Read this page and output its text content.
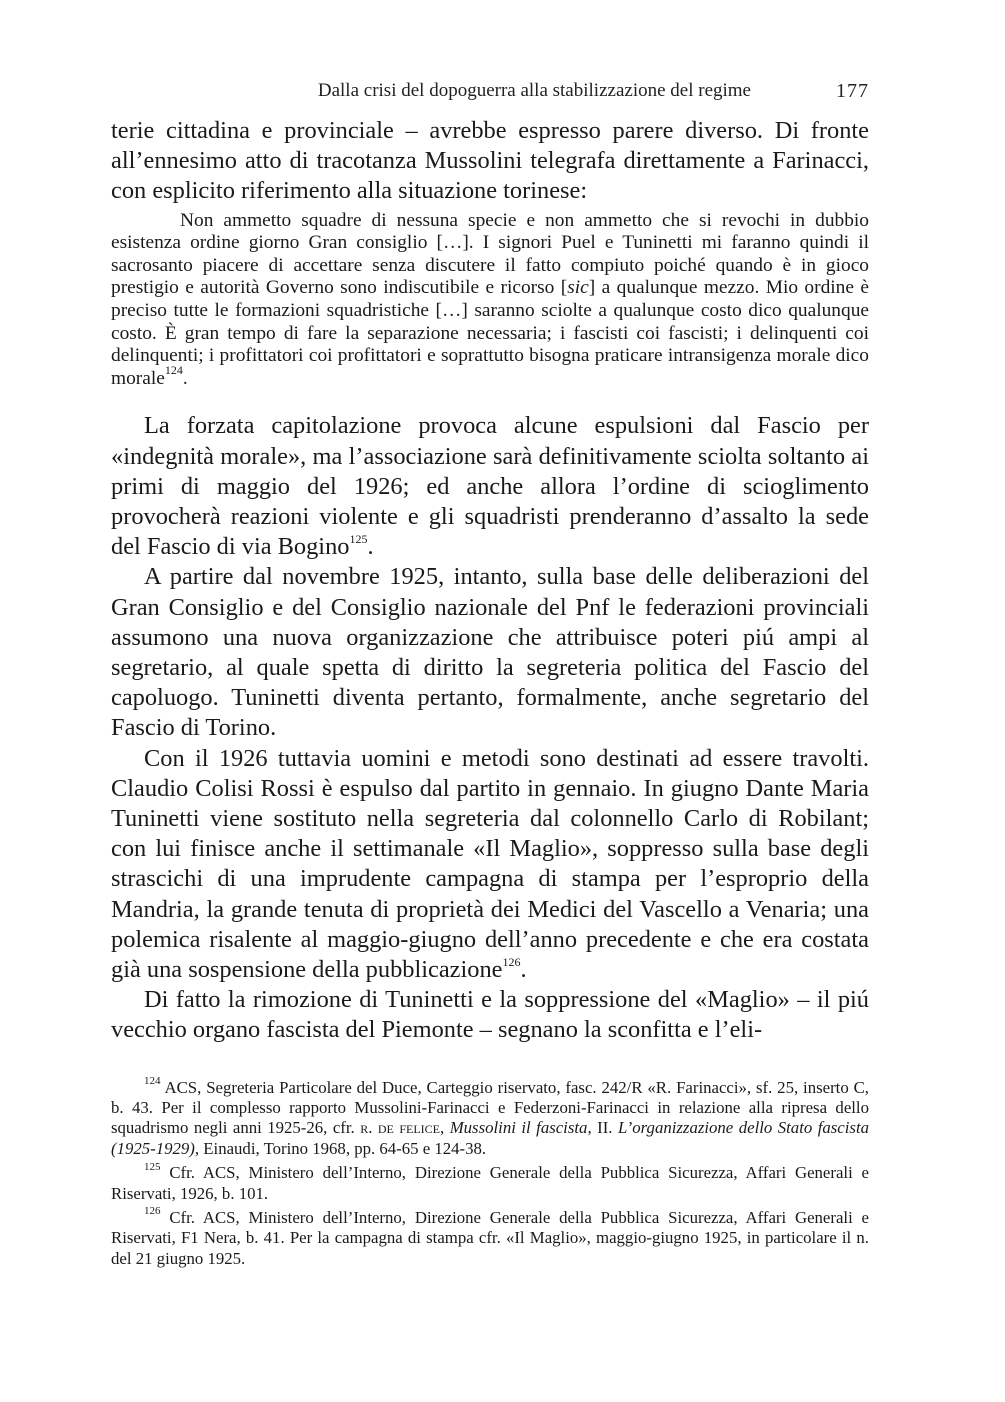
Dalla crisi del dopoguerra alla stabilizzazione del regime	177

terie cittadina e provinciale – avrebbe espresso parere diverso. Di fronte all’ennesimo atto di tracotanza Mussolini telegrafa direttamente a Farinacci, con esplicito riferimento alla situazione torinese:

Non ammetto squadre di nessuna specie e non ammetto che si revochi in dubbio esistenza ordine giorno Gran consiglio […]. I signori Puel e Tuninetti mi faranno quindi il sacrosanto piacere di accettare senza discutere il fatto compiuto poiché quando è in gioco prestigio e autorità Governo sono indiscutibile e ricorso [sic] a qualunque mezzo. Mio ordine è preciso tutte le formazioni squadristiche […] saranno sciolte a qualunque costo dico qualunque costo. È gran tempo di fare la separazione necessaria; i fascisti coi fascisti; i delinquenti coi delinquenti; i profittatori coi profittatori e soprattutto bisogna praticare intransigenza morale dico morale$^{124}$.

La forzata capitolazione provoca alcune espulsioni dal Fascio per «indegnità morale», ma l’associazione sarà definitivamente sciolta soltanto ai primi di maggio del 1926; ed anche allora l’ordine di scioglimento provocherà reazioni violente e gli squadristi prenderanno d’assalto la sede del Fascio di via Bogino$^{125}$.

A partire dal novembre 1925, intanto, sulla base delle deliberazioni del Gran Consiglio e del Consiglio nazionale del Pnf le federazioni provinciali assumono una nuova organizzazione che attribuisce poteri piú ampi al segretario, al quale spetta di diritto la segreteria politica del Fascio del capoluogo. Tuninetti diventa pertanto, formalmente, anche segretario del Fascio di Torino.

Con il 1926 tuttavia uomini e metodi sono destinati ad essere travolti. Claudio Colisi Rossi è espulso dal partito in gennaio. In giugno Dante Maria Tuninetti viene sostituto nella segreteria dal colonnello Carlo di Robilant; con lui finisce anche il settimanale «Il Maglio», soppresso sulla base degli strascichi di una imprudente campagna di stampa per l’esproprio della Mandria, la grande tenuta di proprietà dei Medici del Vascello a Venaria; una polemica risalente al maggio-giugno dell’anno precedente e che era costata già una sospensione della pubblicazione$^{126}$.

Di fatto la rimozione di Tuninetti e la soppressione del «Maglio» – il piú vecchio organo fascista del Piemonte – segnano la sconfitta e l’eli-

$^{124}$ ACS, Segreteria Particolare del Duce, Carteggio riservato, fasc. 242/R «R. Farinacci», sf. 25, inserto C, b. 43. Per il complesso rapporto Mussolini-Farinacci e Federzoni-Farinacci in relazione alla ripresa dello squadrismo negli anni 1925-26, cfr. r. de felice, Mussolini il fascista, II. L’organizzazione dello Stato fascista (1925-1929), Einaudi, Torino 1968, pp. 64-65 e 124-38.

$^{125}$ Cfr. ACS, Ministero dell’Interno, Direzione Generale della Pubblica Sicurezza, Affari Generali e Riservati, 1926, b. 101.

$^{126}$ Cfr. ACS, Ministero dell’Interno, Direzione Generale della Pubblica Sicurezza, Affari Generali e Riservati, F1 Nera, b. 41. Per la campagna di stampa cfr. «Il Maglio», maggio-giugno 1925, in particolare il n. del 21 giugno 1925.
